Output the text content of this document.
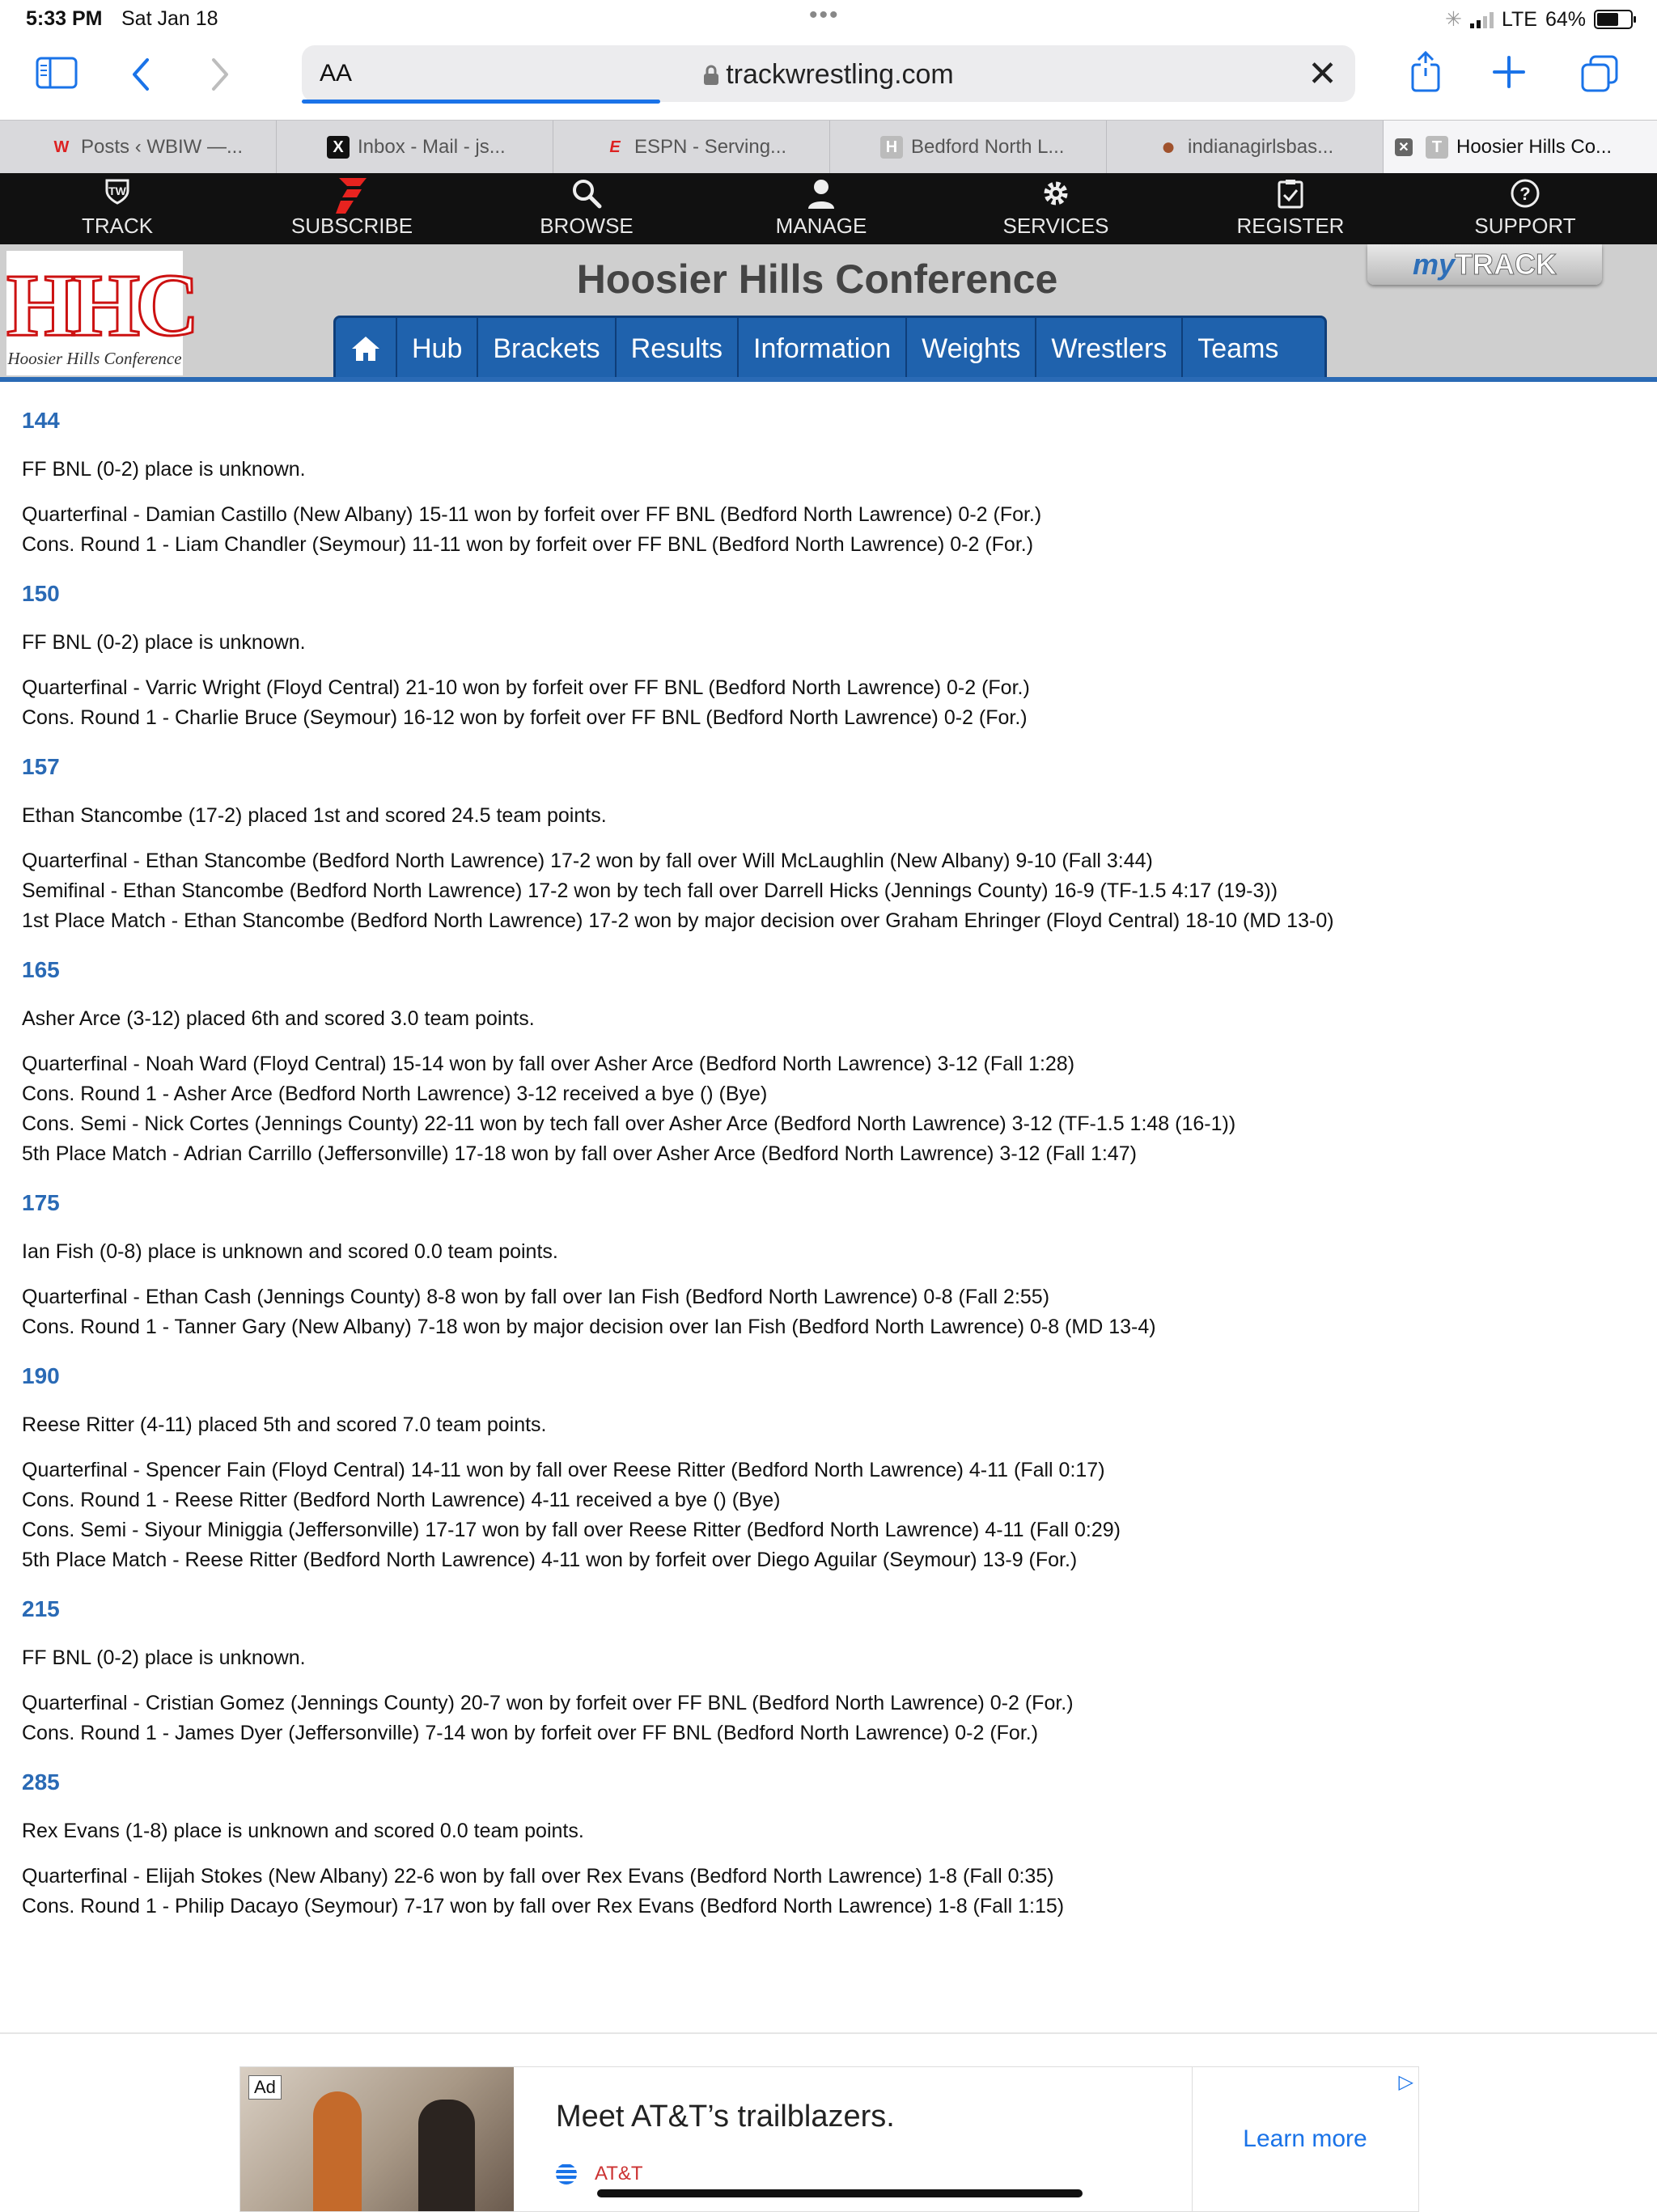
5:33 PM Sat Jan 18	•••	✳ LTE 64%
AA	trackwrestling.com	✕
W Posts ‹ WBIW —...	X Inbox - Mail - js...	E ESPN - Serving...	H Bedford North L...	● indianagirlsbas...	✕	T Hoosier Hills Co...
TW
TRACK	SUBSCRIBE	BROWSE	MANAGE	SERVICES	REGISTER
?
SUPPORT
HHC
Hoosier Hills Conference
Hoosier Hills Conference	myTRACK
Hub	Brackets	Results	Information	Weights	Wrestlers	Teams
144
FF BNL (0-2) place is unknown.
Quarterfinal - Damian Castillo (New Albany) 15-11 won by forfeit over FF BNL (Bedford North Lawrence) 0-2 (For.)
Cons. Round 1 - Liam Chandler (Seymour) 11-11 won by forfeit over FF BNL (Bedford North Lawrence) 0-2 (For.)
150
FF BNL (0-2) place is unknown.
Quarterfinal - Varric Wright (Floyd Central) 21-10 won by forfeit over FF BNL (Bedford North Lawrence) 0-2 (For.)
Cons. Round 1 - Charlie Bruce (Seymour) 16-12 won by forfeit over FF BNL (Bedford North Lawrence) 0-2 (For.)
157
Ethan Stancombe (17-2) placed 1st and scored 24.5 team points.
Quarterfinal - Ethan Stancombe (Bedford North Lawrence) 17-2 won by fall over Will McLaughlin (New Albany) 9-10 (Fall 3:44)
Semifinal - Ethan Stancombe (Bedford North Lawrence) 17-2 won by tech fall over Darrell Hicks (Jennings County) 16-9 (TF-1.5 4:17 (19-3))
1st Place Match - Ethan Stancombe (Bedford North Lawrence) 17-2 won by major decision over Graham Ehringer (Floyd Central) 18-10 (MD 13-0)
165
Asher Arce (3-12) placed 6th and scored 3.0 team points.
Quarterfinal - Noah Ward (Floyd Central) 15-14 won by fall over Asher Arce (Bedford North Lawrence) 3-12 (Fall 1:28)
Cons. Round 1 - Asher Arce (Bedford North Lawrence) 3-12 received a bye () (Bye)
Cons. Semi - Nick Cortes (Jennings County) 22-11 won by tech fall over Asher Arce (Bedford North Lawrence) 3-12 (TF-1.5 1:48 (16-1))
5th Place Match - Adrian Carrillo (Jeffersonville) 17-18 won by fall over Asher Arce (Bedford North Lawrence) 3-12 (Fall 1:47)
175
Ian Fish (0-8) place is unknown and scored 0.0 team points.
Quarterfinal - Ethan Cash (Jennings County) 8-8 won by fall over Ian Fish (Bedford North Lawrence) 0-8 (Fall 2:55)
Cons. Round 1 - Tanner Gary (New Albany) 7-18 won by major decision over Ian Fish (Bedford North Lawrence) 0-8 (MD 13-4)
190
Reese Ritter (4-11) placed 5th and scored 7.0 team points.
Quarterfinal - Spencer Fain (Floyd Central) 14-11 won by fall over Reese Ritter (Bedford North Lawrence) 4-11 (Fall 0:17)
Cons. Round 1 - Reese Ritter (Bedford North Lawrence) 4-11 received a bye () (Bye)
Cons. Semi - Siyour Miniggia (Jeffersonville) 17-17 won by fall over Reese Ritter (Bedford North Lawrence) 4-11 (Fall 0:29)
5th Place Match - Reese Ritter (Bedford North Lawrence) 4-11 won by forfeit over Diego Aguilar (Seymour) 13-9 (For.)
215
FF BNL (0-2) place is unknown.
Quarterfinal - Cristian Gomez (Jennings County) 20-7 won by forfeit over FF BNL (Bedford North Lawrence) 0-2 (For.)
Cons. Round 1 - James Dyer (Jeffersonville) 7-14 won by forfeit over FF BNL (Bedford North Lawrence) 0-2 (For.)
285
Rex Evans (1-8) place is unknown and scored 0.0 team points.
Quarterfinal - Elijah Stokes (New Albany) 22-6 won by fall over Rex Evans (Bedford North Lawrence) 1-8 (Fall 0:35)
Cons. Round 1 - Philip Dacayo (Seymour) 7-17 won by fall over Rex Evans (Bedford North Lawrence) 1-8 (Fall 1:15)
Ad
Meet AT&T’s trailblazers.
AT&T
Learn more
▷
